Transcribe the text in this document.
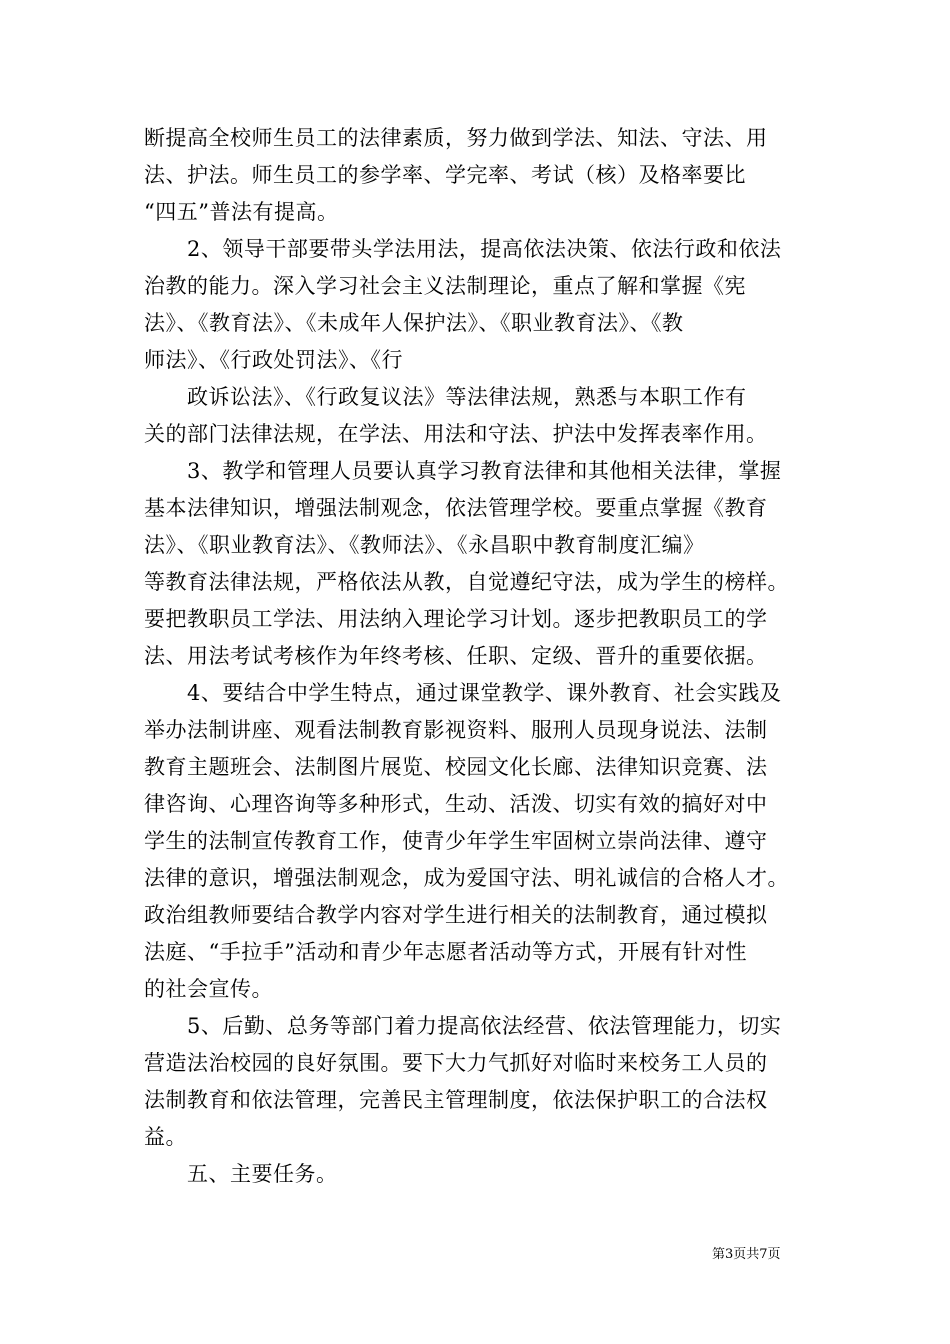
断提高全校师生员工的法律素质，努力做到学法、知法、守法、用
法、护法。师生员工的参学率、学完率、考试（核）及格率要比
“四五”普法有提高。
2、领导干部要带头学法用法，提高依法决策、依法行政和依法
治教的能力。深入学习社会主义法制理论，重点了解和掌握《宪
法》、《教育法》、《未成年人保护法》、《职业教育法》、《教
师法》、《行政处罚法》、《行
政诉讼法》、《行政复议法》等法律法规，熟悉与本职工作有
关的部门法律法规，在学法、用法和守法、护法中发挥表率作用。
3、教学和管理人员要认真学习教育法律和其他相关法律，掌握
基本法律知识，增强法制观念，依法管理学校。要重点掌握《教育
法》、《职业教育法》、《教师法》、《永昌职中教育制度汇编》
等教育法律法规，严格依法从教，自觉遵纪守法，成为学生的榜样。
要把教职员工学法、用法纳入理论学习计划。逐步把教职员工的学
法、用法考试考核作为年终考核、任职、定级、晋升的重要依据。
4、要结合中学生特点，通过课堂教学、课外教育、社会实践及
举办法制讲座、观看法制教育影视资料、服刑人员现身说法、法制
教育主题班会、法制图片展览、校园文化长廊、法律知识竞赛、法
律咨询、心理咨询等多种形式，生动、活泼、切实有效的搞好对中
学生的法制宣传教育工作，使青少年学生牢固树立崇尚法律、遵守
法律的意识，增强法制观念，成为爱国守法、明礼诚信的合格人才。
政治组教师要结合教学内容对学生进行相关的法制教育，通过模拟
法庭、“手拉手”活动和青少年志愿者活动等方式，开展有针对性
的社会宣传。
5、后勤、总务等部门着力提高依法经营、依法管理能力，切实
营造法治校园的良好氛围。要下大力气抓好对临时来校务工人员的
法制教育和依法管理，完善民主管理制度，依法保护职工的合法权
益。
五、主要任务。
第3页共7页
